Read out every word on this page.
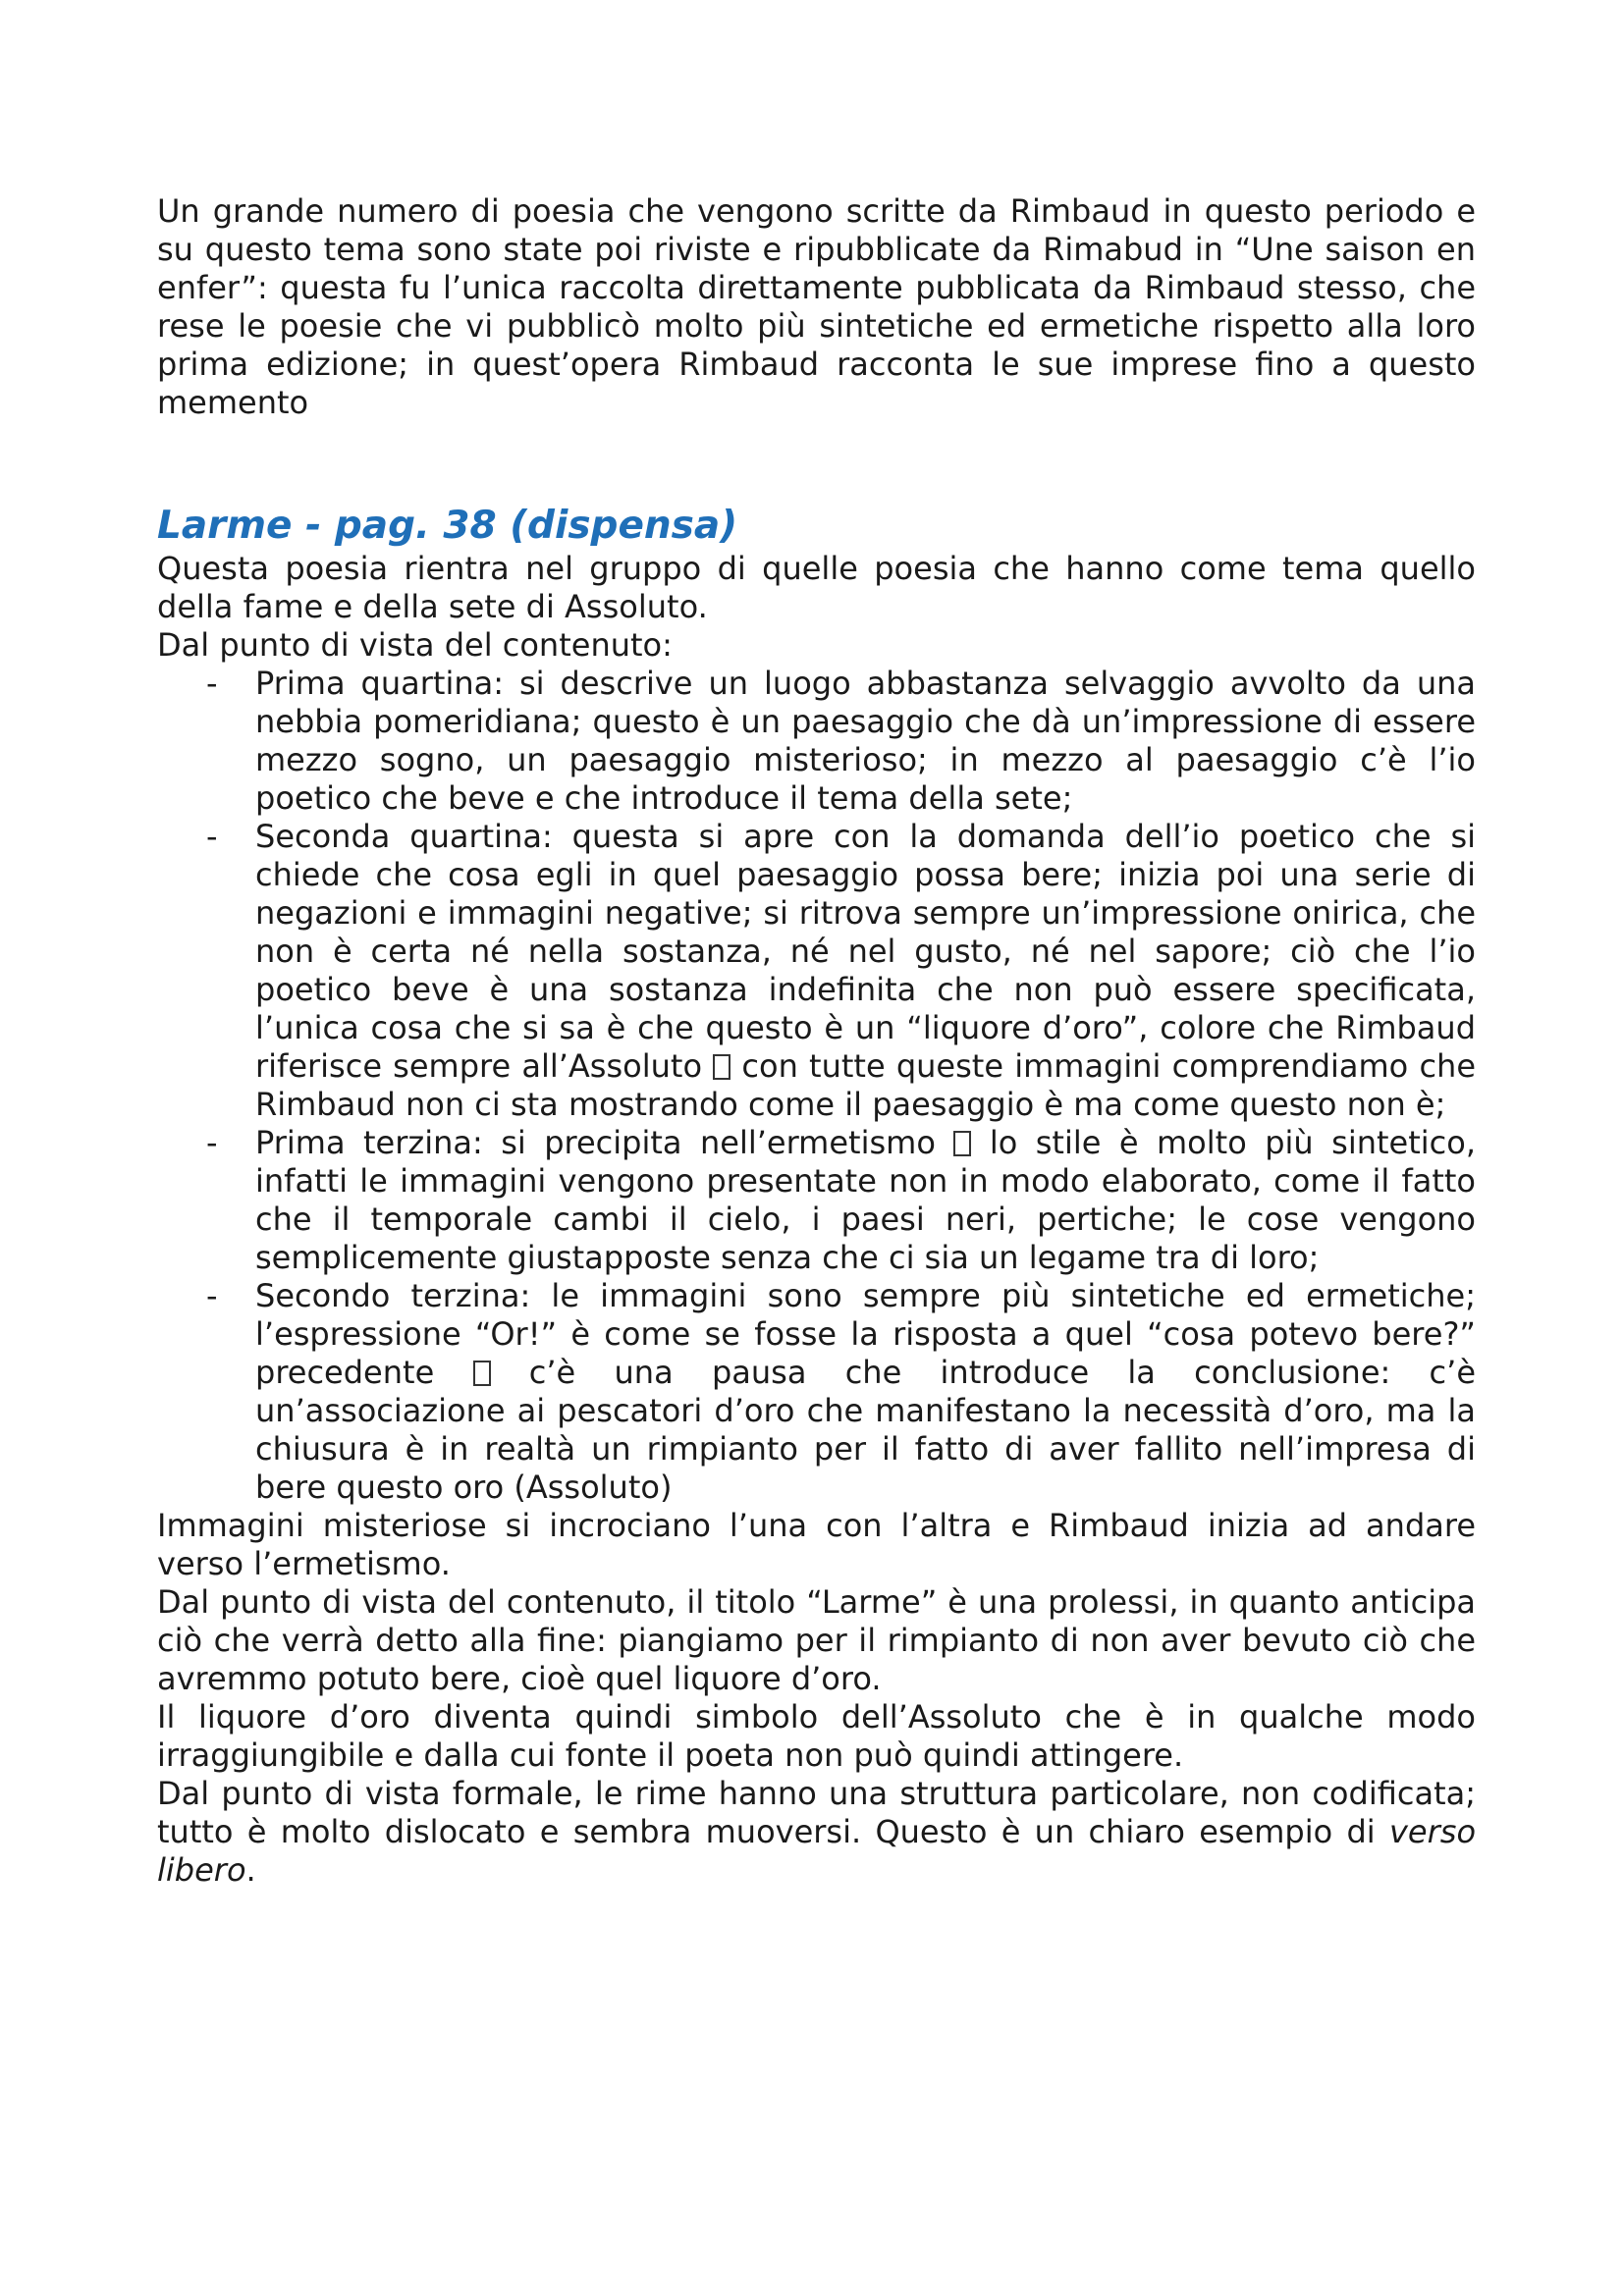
Un grande numero di poesia che vengono scritte da Rimbaud in questo periodo e su questo tema sono state poi riviste e ripubblicate da Rimabud in “Une saison en enfer”: questa fu l’unica raccolta direttamente pubblicata da Rimbaud stesso, che rese le poesie che vi pubblicò molto più sintetiche ed ermetiche rispetto alla loro prima edizione; in quest’opera Rimbaud racconta le sue imprese fino a questo memento

Larme - pag. 38 (dispensa)

Questa poesia rientra nel gruppo di quelle poesia che hanno come tema quello della fame e della sete di Assoluto.

Dal punto di vista del contenuto:

- Prima quartina: si descrive un luogo abbastanza selvaggio avvolto da una nebbia pomeridiana; questo è un paesaggio che dà un’impressione di essere mezzo sogno, un paesaggio misterioso; in mezzo al paesaggio c’è l’io poetico che beve e che introduce il tema della sete;
- Seconda quartina: questa si apre con la domanda dell’io poetico che si chiede che cosa egli in quel paesaggio possa bere; inizia poi una serie di negazioni e immagini negative; si ritrova sempre un’impressione onirica, che non è certa né nella sostanza, né nel gusto, né nel sapore; ciò che l’io poetico beve è una sostanza indefinita che non può essere specificata, l’unica cosa che si sa è che questo è un “liquore d’oro”, colore che Rimbaud riferisce sempre all’Assoluto con tutte queste immagini comprendiamo che Rimbaud non ci sta mostrando come il paesaggio è ma come questo non è;
- Prima terzina: si precipita nell’ermetismo lo stile è molto più sintetico, infatti le immagini vengono presentate non in modo elaborato, come il fatto che il temporale cambi il cielo, i paesi neri, pertiche; le cose vengono semplicemente giustapposte senza che ci sia un legame tra di loro;
- Secondo terzina: le immagini sono sempre più sintetiche ed ermetiche; l’espressione “Or!” è come se fosse la risposta a quel “cosa potevo bere?” precedente	c’è una pausa che introduce la conclusione: c’è un’associazione ai pescatori d’oro che manifestano la necessità d’oro, ma la chiusura è in realtà un rimpianto per il fatto di aver fallito nell’impresa di bere questo oro (Assoluto)

Immagini misteriose si incrociano l’una con l’altra e Rimbaud inizia ad andare verso l’ermetismo.

Dal punto di vista del contenuto, il titolo “Larme” è una prolessi, in quanto anticipa ciò che verrà detto alla fine: piangiamo per il rimpianto di non aver bevuto ciò che avremmo potuto bere, cioè quel liquore d’oro.

Il liquore d’oro diventa quindi simbolo dell’Assoluto che è in qualche modo irraggiungibile e dalla cui fonte il poeta non può quindi attingere.

Dal punto di vista formale, le rime hanno una struttura particolare, non codificata; tutto è molto dislocato e sembra muoversi. Questo è un chiaro esempio di verso libero.
